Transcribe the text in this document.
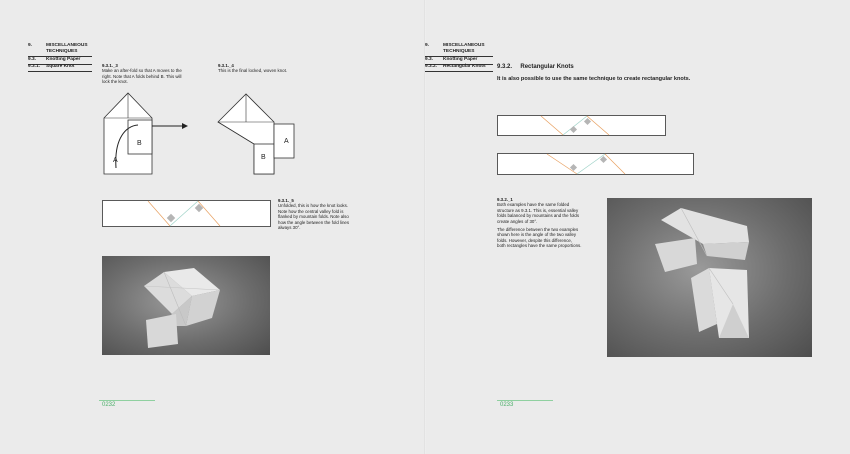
9.	MISCELLANEOUS
TECHNIQUES
9.3.	Knotting Paper
9.3.1.	Square Knot	9.3.1._3
Make an after-fold so that A moves to the
right. Note that A folds behind B. This will
lock the knot.
9.3.1._4
This is the final locked, woven knot.
A
B
B
A
9.3.1._5
Unfolded, this is how the knot looks.
Note how the central valley fold is
flanked by mountain folds. Note also
how the angle between the fold lines
always 30°.
0232
9.	MISCELLANEOUS
TECHNIQUES
9.3.	Knotting Paper
9.3.2.	Rectangular Knots 9.3.2. Rectangular Knots
It is also possible to use the same technique to create rectangular knots.
9.3.2._1
Both examples have the same folded
structure as 9.3.1. This is, essential valley
folds balanced by mountains and the folds
create angles of 30°.
The difference between the two examples
shown here is the angle of the two valley
folds. However, despite this difference,
both rectangles have the same proportions.
0233
